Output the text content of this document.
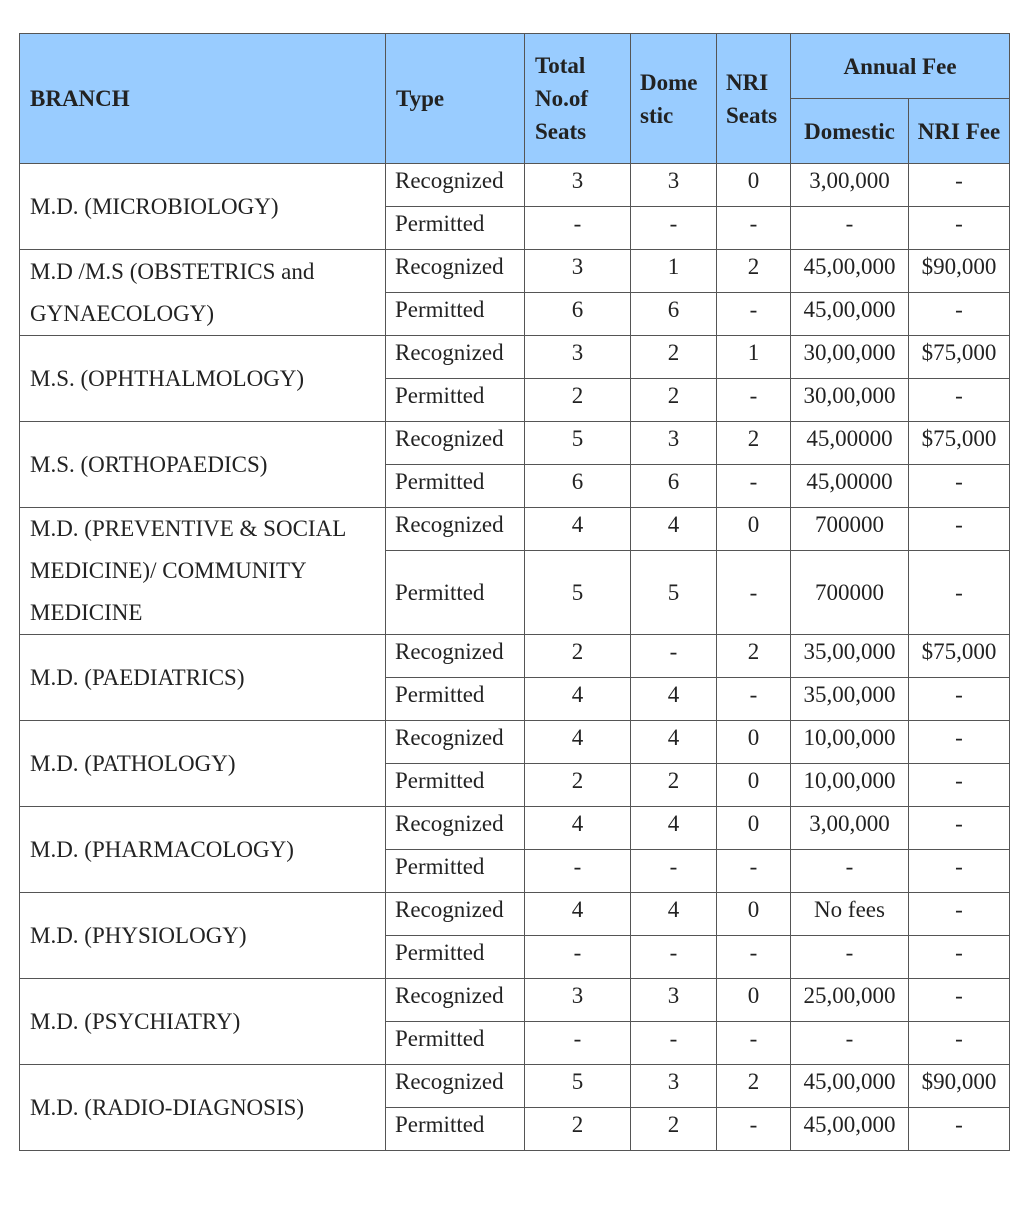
BRANCH	Type	Total No.of Seats	Dome stic	NRI Seats	Annual Fee	
					Domestic	NRI Fee
M.D. (MICROBIOLOGY)	Recognized	3	3	0	3,00,000	-
	Permitted	-	-	-	-	-
M.D /M.S (OBSTETRICS and GYNAECOLOGY)	Recognized	3	1	2	45,00,000	$90,000
	Permitted	6	6	-	45,00,000	-
M.S. (OPHTHALMOLOGY)	Recognized	3	2	1	30,00,000	$75,000
	Permitted	2	2	-	30,00,000	-
M.S. (ORTHOPAEDICS)	Recognized	5	3	2	45,00000	$75,000
	Permitted	6	6	-	45,00000	-
M.D. (PREVENTIVE & SOCIAL MEDICINE)/ COMMUNITY MEDICINE	Recognized	4	4	0	700000	-
	Permitted	5	5	-	700000	-
M.D. (PAEDIATRICS)	Recognized	2	-	2	35,00,000	$75,000
	Permitted	4	4	-	35,00,000	-
M.D. (PATHOLOGY)	Recognized	4	4	0	10,00,000	-
	Permitted	2	2	0	10,00,000	-
M.D. (PHARMACOLOGY)	Recognized	4	4	0	3,00,000	-
	Permitted	-	-	-	-	-
M.D. (PHYSIOLOGY)	Recognized	4	4	0	No fees	-
	Permitted	-	-	-	-	-
M.D. (PSYCHIATRY)	Recognized	3	3	0	25,00,000	-
	Permitted	-	-	-	-	-
M.D. (RADIO-DIAGNOSIS)	Recognized	5	3	2	45,00,000	$90,000
	Permitted	2	2	-	45,00,000	-
